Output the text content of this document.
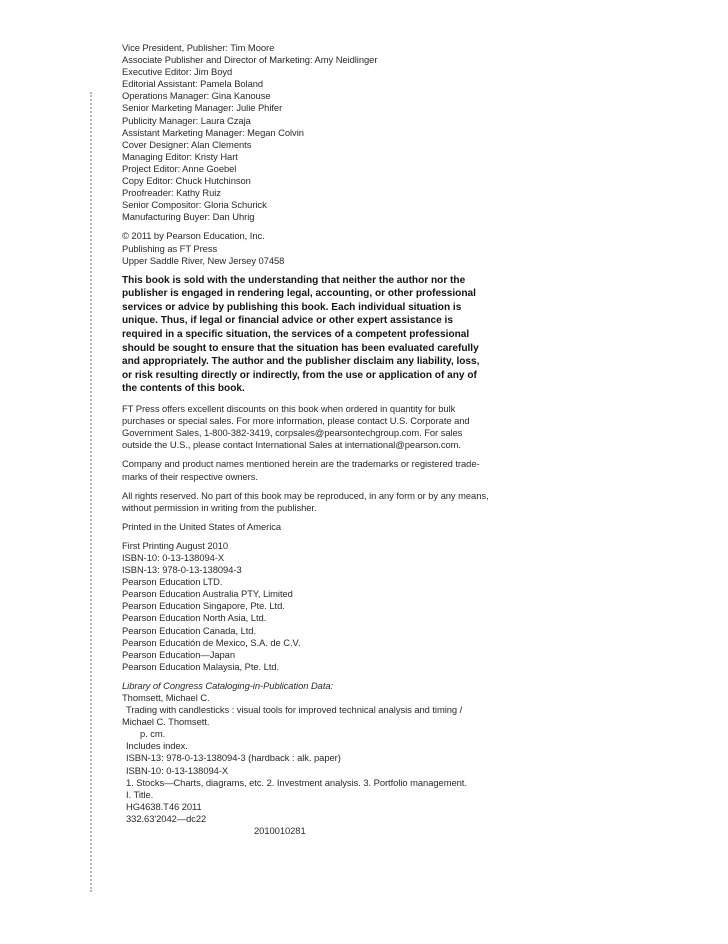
Vice President, Publisher: Tim Moore
Associate Publisher and Director of Marketing: Amy Neidlinger
Executive Editor: Jim Boyd
Editorial Assistant: Pamela Boland
Operations Manager: Gina Kanouse
Senior Marketing Manager: Julie Phifer
Publicity Manager: Laura Czaja
Assistant Marketing Manager: Megan Colvin
Cover Designer: Alan Clements
Managing Editor: Kristy Hart
Project Editor: Anne Goebel
Copy Editor: Chuck Hutchinson
Proofreader: Kathy Ruiz
Senior Compositor: Gloria Schurick
Manufacturing Buyer: Dan Uhrig
© 2011 by Pearson Education, Inc.
Publishing as FT Press
Upper Saddle River, New Jersey 07458
This book is sold with the understanding that neither the author nor the
publisher is engaged in rendering legal, accounting, or other professional
services or advice by publishing this book. Each individual situation is
unique. Thus, if legal or financial advice or other expert assistance is
required in a specific situation, the services of a competent professional
should be sought to ensure that the situation has been evaluated carefully
and appropriately. The author and the publisher disclaim any liability, loss,
or risk resulting directly or indirectly, from the use or application of any of
the contents of this book.
FT Press offers excellent discounts on this book when ordered in quantity for bulk
purchases or special sales. For more information, please contact U.S. Corporate and
Government Sales, 1-800-382-3419, corpsales@pearsontechgroup.com. For sales
outside the U.S., please contact International Sales at international@pearson.com.
Company and product names mentioned herein are the trademarks or registered trade-
marks of their respective owners.
All rights reserved. No part of this book may be reproduced, in any form or by any means,
without permission in writing from the publisher.
Printed in the United States of America
First Printing August 2010
ISBN-10: 0-13-138094-X
ISBN-13: 978-0-13-138094-3
Pearson Education LTD.
Pearson Education Australia PTY, Limited
Pearson Education Singapore, Pte. Ltd.
Pearson Education North Asia, Ltd.
Pearson Education Canada, Ltd.
Pearson Educatión de Mexico, S.A. de C.V.
Pearson Education—Japan
Pearson Education Malaysia, Pte. Ltd.
Library of Congress Cataloging-in-Publication Data:
Thomsett, Michael C.
Trading with candlesticks : visual tools for improved technical analysis and timing /
Michael C. Thomsett.
p. cm.
Includes index.
ISBN-13: 978-0-13-138094-3 (hardback : alk. paper)
ISBN-10: 0-13-138094-X
1. Stocks—Charts, diagrams, etc. 2. Investment analysis. 3. Portfolio management.
I. Title.
HG4638.T46 2011
332.63'2042—dc22
2010010281
